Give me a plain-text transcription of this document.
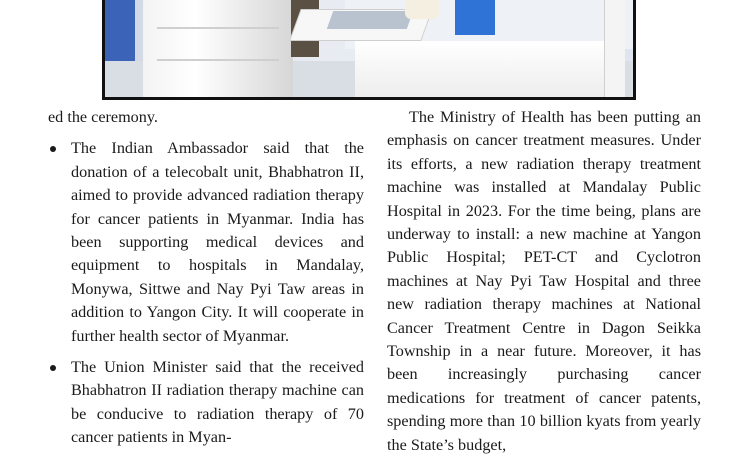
ed the ceremony.

The Indian Ambassador said that the donation of a telecobalt unit, Bhabhatron II, aimed to provide advanced radiation therapy for cancer patients in Myanmar. India has been supporting medical devices and equipment to hospitals in Mandalay, Monywa, Sittwe and Nay Pyi Taw areas in addition to Yangon City. It will cooperate in further health sector of Myanmar.
The Union Minister said that the received Bhabhatron II radiation therapy machine can be conducive to radiation therapy of 70 cancer patients in Myan-

The Ministry of Health has been putting an emphasis on cancer treatment measures. Under its efforts, a new radiation therapy treatment machine was installed at Mandalay Public Hospital in 2023. For the time being, plans are underway to install: a new machine at Yangon Public Hospital; PET-CT and Cyclotron machines at Nay Pyi Taw Hospital and three new radiation therapy machines at National Cancer Treatment Centre in Dagon Seikka Township in a near future. Moreover, it has been increasingly purchasing cancer medications for treatment of cancer patents, spending more than 10 billion kyats from yearly the State’s budget,
